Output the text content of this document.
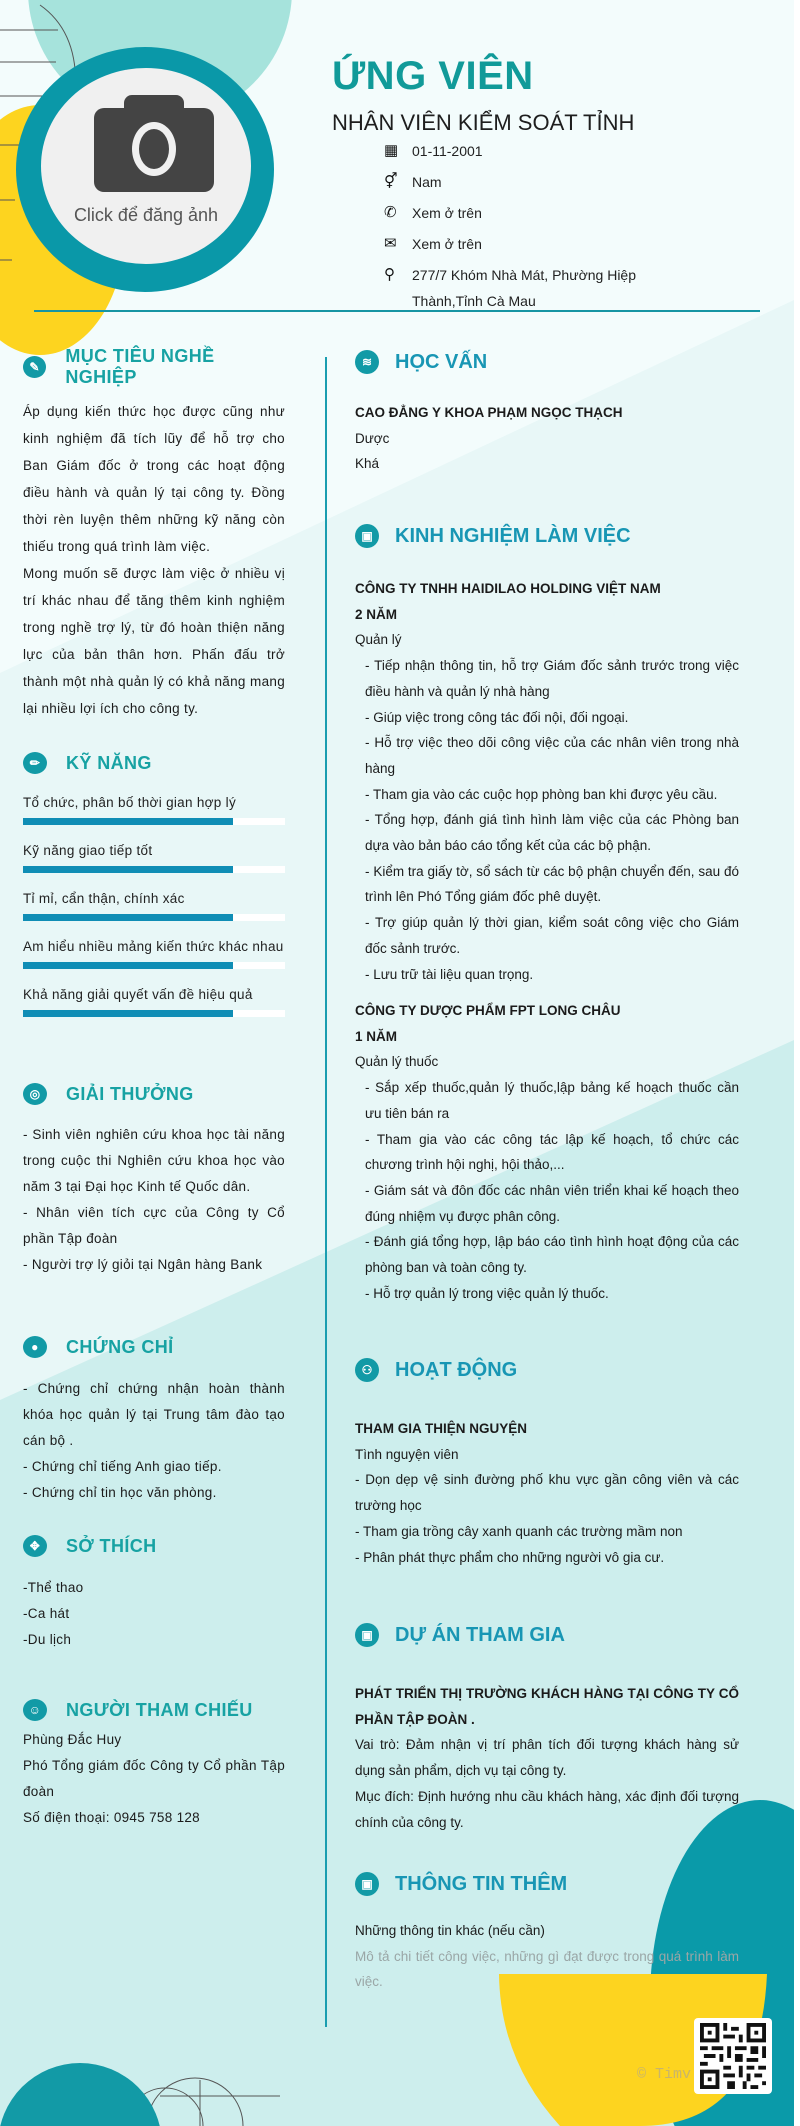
Click để đăng ảnh
ỨNG VIÊN
NHÂN VIÊN KIỂM SOÁT TỈNH
▦ 01-11-2001
⚥	Nam
✆	Xem ở trên
✉	Xem ở trên
⚲	277/7 Khóm Nhà Mát, Phường Hiệp Thành,Tỉnh Cà Mau
✎
MỤC TIÊU NGHỀ NGHIỆP
Áp dụng kiến thức học được cũng như kinh nghiệm đã tích lũy để hỗ trợ cho Ban Giám đốc ở trong các hoạt động điều hành và quản lý tại công ty. Đồng thời rèn luyện thêm những kỹ năng còn thiếu trong quá trình làm việc.
Mong muốn sẽ được làm việc ở nhiều vị trí khác nhau để tăng thêm kinh nghiệm trong nghề trợ lý, từ đó hoàn thiện năng lực của bản thân hơn. Phấn đấu trở thành một nhà quản lý có khả năng mang lại nhiều lợi ích cho công ty.
✏	KỸ NĂNG
Tổ chức, phân bố thời gian hợp lý
Kỹ năng giao tiếp tốt
Tỉ mỉ, cẩn thận, chính xác
Am hiểu nhiều mảng kiến thức khác nhau
Khả năng giải quyết vấn đề hiệu quả
◎	GIẢI THƯỞNG
- Sinh viên nghiên cứu khoa học tài năng trong cuộc thi Nghiên cứu khoa học vào năm 3 tại Đại học Kinh tế Quốc dân.
- Nhân viên tích cực của Công ty Cổ phần Tập đoàn
- Người trợ lý giỏi tại Ngân hàng Bank
●	CHỨNG CHỈ
- Chứng chỉ chứng nhận hoàn thành khóa học quản lý tại Trung tâm đào tạo cán bộ .
- Chứng chỉ tiếng Anh giao tiếp.
- Chứng chỉ tin học văn phòng.
✥	SỞ THÍCH
-Thể thao
-Ca hát
-Du lịch
☺	NGƯỜI THAM CHIẾU
Phùng Đắc Huy
Phó Tổng giám đốc Công ty Cổ phần Tập đoàn
Số điện thoại: 0945 758 128
≋	HỌC VẤN
CAO ĐẲNG Y KHOA PHẠM NGỌC THẠCH
Dược
Khá
▣	KINH NGHIỆM LÀM VIỆC
CÔNG TY TNHH HAIDILAO HOLDING VIỆT NAM
2 NĂM
Quản lý
- Tiếp nhận thông tin, hỗ trợ Giám đốc sảnh trước trong việc điều hành và quản lý nhà hàng
- Giúp việc trong công tác đối nội, đối ngoại.
- Hỗ trợ việc theo dõi công việc của các nhân viên trong nhà hàng
- Tham gia vào các cuộc họp phòng ban khi được yêu cầu.
- Tổng hợp, đánh giá tình hình làm việc của các Phòng ban dựa vào bản báo cáo tổng kết của các bộ phận.
- Kiểm tra giấy tờ, sổ sách từ các bộ phận chuyển đến, sau đó trình lên Phó Tổng giám đốc phê duyệt.
- Trợ giúp quản lý thời gian, kiểm soát công việc cho Giám đốc sảnh trước.
- Lưu trữ tài liệu quan trọng.
CÔNG TY DƯỢC PHẨM FPT LONG CHÂU
1 NĂM
Quản lý thuốc
- Sắp xếp thuốc,quản lý thuốc,lập bảng kế hoạch thuốc cần ưu tiên bán ra
- Tham gia vào các công tác lập kế hoạch, tổ chức các chương trình hội nghị, hội thảo,...
- Giám sát và đôn đốc các nhân viên triển khai kế hoạch theo đúng nhiệm vụ được phân công.
- Đánh giá tổng hợp, lập báo cáo tình hình hoạt động của các phòng ban và toàn công ty.
- Hỗ trợ quản lý trong việc quản lý thuốc.
⚇	HOẠT ĐỘNG
THAM GIA THIỆN NGUYỆN
Tình nguyện viên
- Dọn dẹp vệ sinh đường phố khu vực gần công viên và các trường học
- Tham gia trồng cây xanh quanh các trường mầm non
- Phân phát thực phẩm cho những người vô gia cư.
▣	DỰ ÁN THAM GIA
PHÁT TRIỂN THỊ TRƯỜNG KHÁCH HÀNG TẠI CÔNG TY CỔ PHẦN TẬP ĐOÀN .
Vai trò: Đảm nhận vị trí phân tích đối tượng khách hàng sử dụng sản phẩm, dịch vụ tại công ty.
Mục đích: Định hướng nhu cầu khách hàng, xác định đối tượng chính của công ty.
▣	THÔNG TIN THÊM
Những thông tin khác (nếu cần)
Mô tả chi tiết công việc, những gì đạt được trong quá trình làm việc.
© Timv
